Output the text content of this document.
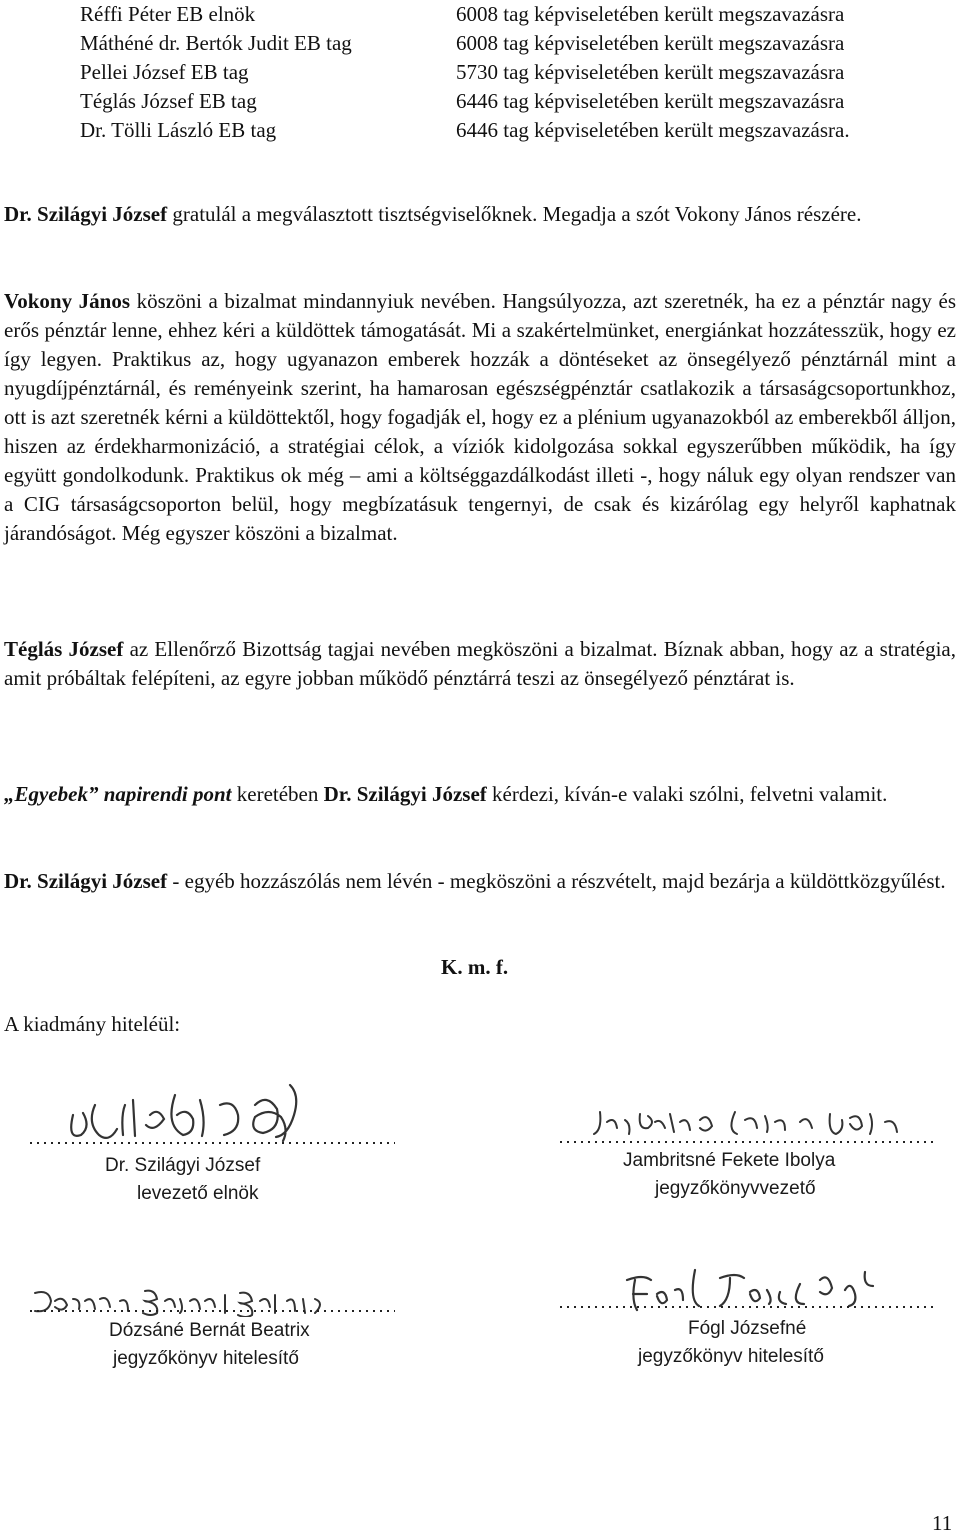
Réffi Péter EB elnök	6008 tag képviseletében került megszavazásra
Máthéné dr. Bertók Judit EB tag	6008 tag képviseletében került megszavazásra
Pellei József EB tag	5730 tag képviseletében került megszavazásra
Téglás József EB tag	6446 tag képviseletében került megszavazásra
Dr. Tölli László EB tag	6446 tag képviseletében került megszavazásra.

Dr. Szilágyi József gratulál a megválasztott tisztségviselőknek. Megadja a szót Vokony János részére.

Vokony János köszöni a bizalmat mindannyiuk nevében. Hangsúlyozza, azt szeretnék, ha ez a pénztár nagy és erős pénztár lenne, ehhez kéri a küldöttek támogatását. Mi a szakértelmünket, energiánkat hozzátesszük, hogy ez így legyen. Praktikus az, hogy ugyanazon emberek hozzák a döntéseket az önsegélyező pénztárnál mint a nyugdíjpénztárnál, és reményeink szerint, ha hamarosan egészségpénztár csatlakozik a társaságcsoportunkhoz, ott is azt szeretnék kérni a küldöttektől, hogy fogadják el, hogy ez a plénium ugyanazokból az emberekből álljon, hiszen az érdekharmonizáció, a stratégiai célok, a víziók kidolgozása sokkal egyszerűbben működik, ha így együtt gondolkodunk. Praktikus ok még – ami a költséggazdálkodást illeti -, hogy náluk egy olyan rendszer van a CIG társaságcsoporton belül, hogy megbízatásuk tengernyi, de csak és kizárólag egy helyről kaphatnak járandóságot. Még egyszer köszöni a bizalmat.

Téglás József az Ellenőrző Bizottság tagjai nevében megköszöni a bizalmat. Bíznak abban, hogy az a stratégia, amit próbáltak felépíteni, az egyre jobban működő pénztárrá teszi az önsegélyező pénztárat is.

„Egyebek” napirendi pont keretében Dr. Szilágyi József kérdezi, kíván-e valaki szólni, felvetni valamit.

Dr. Szilágyi József - egyéb hozzászólás nem lévén - megköszöni a részvételt, majd bezárja a küldöttközgyűlést.

K. m. f.
A kiadmány hiteléül:
Dr. Szilágyi József
levezető elnök
Jambritsné Fekete Ibolya
jegyzőkönyvvezető
Dózsáné Bernát Beatrix
jegyzőkönyv hitelesítő
Fógl Józsefné
jegyzőkönyv hitelesítő
11
